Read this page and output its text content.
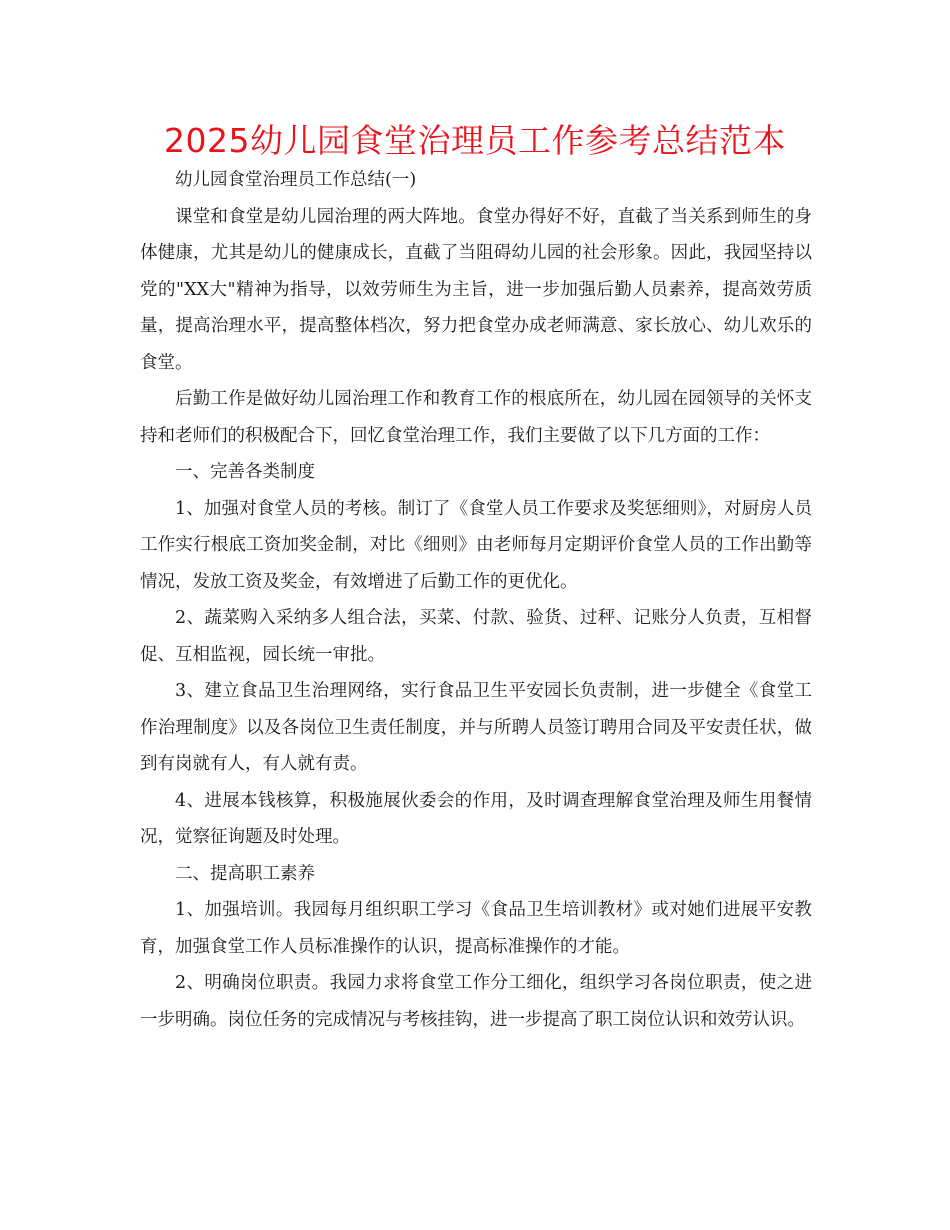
2025幼儿园食堂治理员工作参考总结范本

幼儿园食堂治理员工作总结(一)

课堂和食堂是幼儿园治理的两大阵地。食堂办得好不好，直截了当关系到师生的身体健康，尤其是幼儿的健康成长，直截了当阻碍幼儿园的社会形象。因此，我园坚持以党的"XX大"精神为指导，以效劳师生为主旨，进一步加强后勤人员素养，提高效劳质量，提高治理水平，提高整体档次，努力把食堂办成老师满意、家长放心、幼儿欢乐的食堂。

后勤工作是做好幼儿园治理工作和教育工作的根底所在，幼儿园在园领导的关怀支持和老师们的积极配合下，回忆食堂治理工作，我们主要做了以下几方面的工作：

一、完善各类制度

1、加强对食堂人员的考核。制订了《食堂人员工作要求及奖惩细则》，对厨房人员工作实行根底工资加奖金制，对比《细则》由老师每月定期评价食堂人员的工作出勤等情况，发放工资及奖金，有效增进了后勤工作的更优化。

2、蔬菜购入采纳多人组合法，买菜、付款、验货、过秤、记账分人负责，互相督促、互相监视，园长统一审批。

3、建立食品卫生治理网络，实行食品卫生平安园长负责制，进一步健全《食堂工作治理制度》以及各岗位卫生责任制度，并与所聘人员签订聘用合同及平安责任状，做到有岗就有人，有人就有责。

4、进展本钱核算，积极施展伙委会的作用，及时调查理解食堂治理及师生用餐情况，觉察征询题及时处理。

二、提高职工素养

1、加强培训。我园每月组织职工学习《食品卫生培训教材》或对她们进展平安教育，加强食堂工作人员标准操作的认识，提高标准操作的才能。

2、明确岗位职责。我园力求将食堂工作分工细化，组织学习各岗位职责，使之进一步明确。岗位任务的完成情况与考核挂钩，进一步提高了职工岗位认识和效劳认识。
